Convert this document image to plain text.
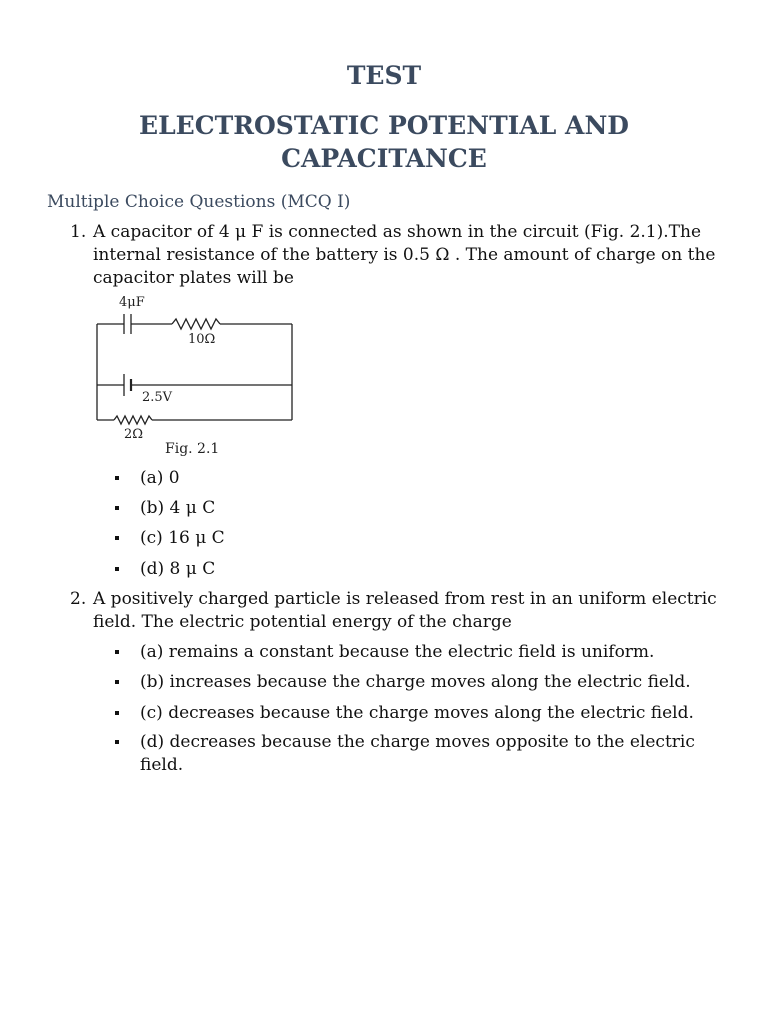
TEST
ELECTROSTATIC POTENTIAL AND
CAPACITANCE
Multiple Choice Questions (MCQ I)
1. A capacitor of 4 μ F is connected as shown in the circuit (Fig. 2.1).The internal resistance of the battery is 0.5 Ω . The amount of charge on the capacitor plates will be
4μF
10Ω
2.5V
2Ω
Fig. 2.1
(a) 0
(b) 4 μ C
(c) 16 μ C
(d) 8 μ C
2. A positively charged particle is released from rest in an uniform electric field. The electric potential energy of the charge
(a) remains a constant because the electric field is uniform.
(b) increases because the charge moves along the electric field.
(c) decreases because the charge moves along the electric field.
(d) decreases because the charge moves opposite to the electric field.
